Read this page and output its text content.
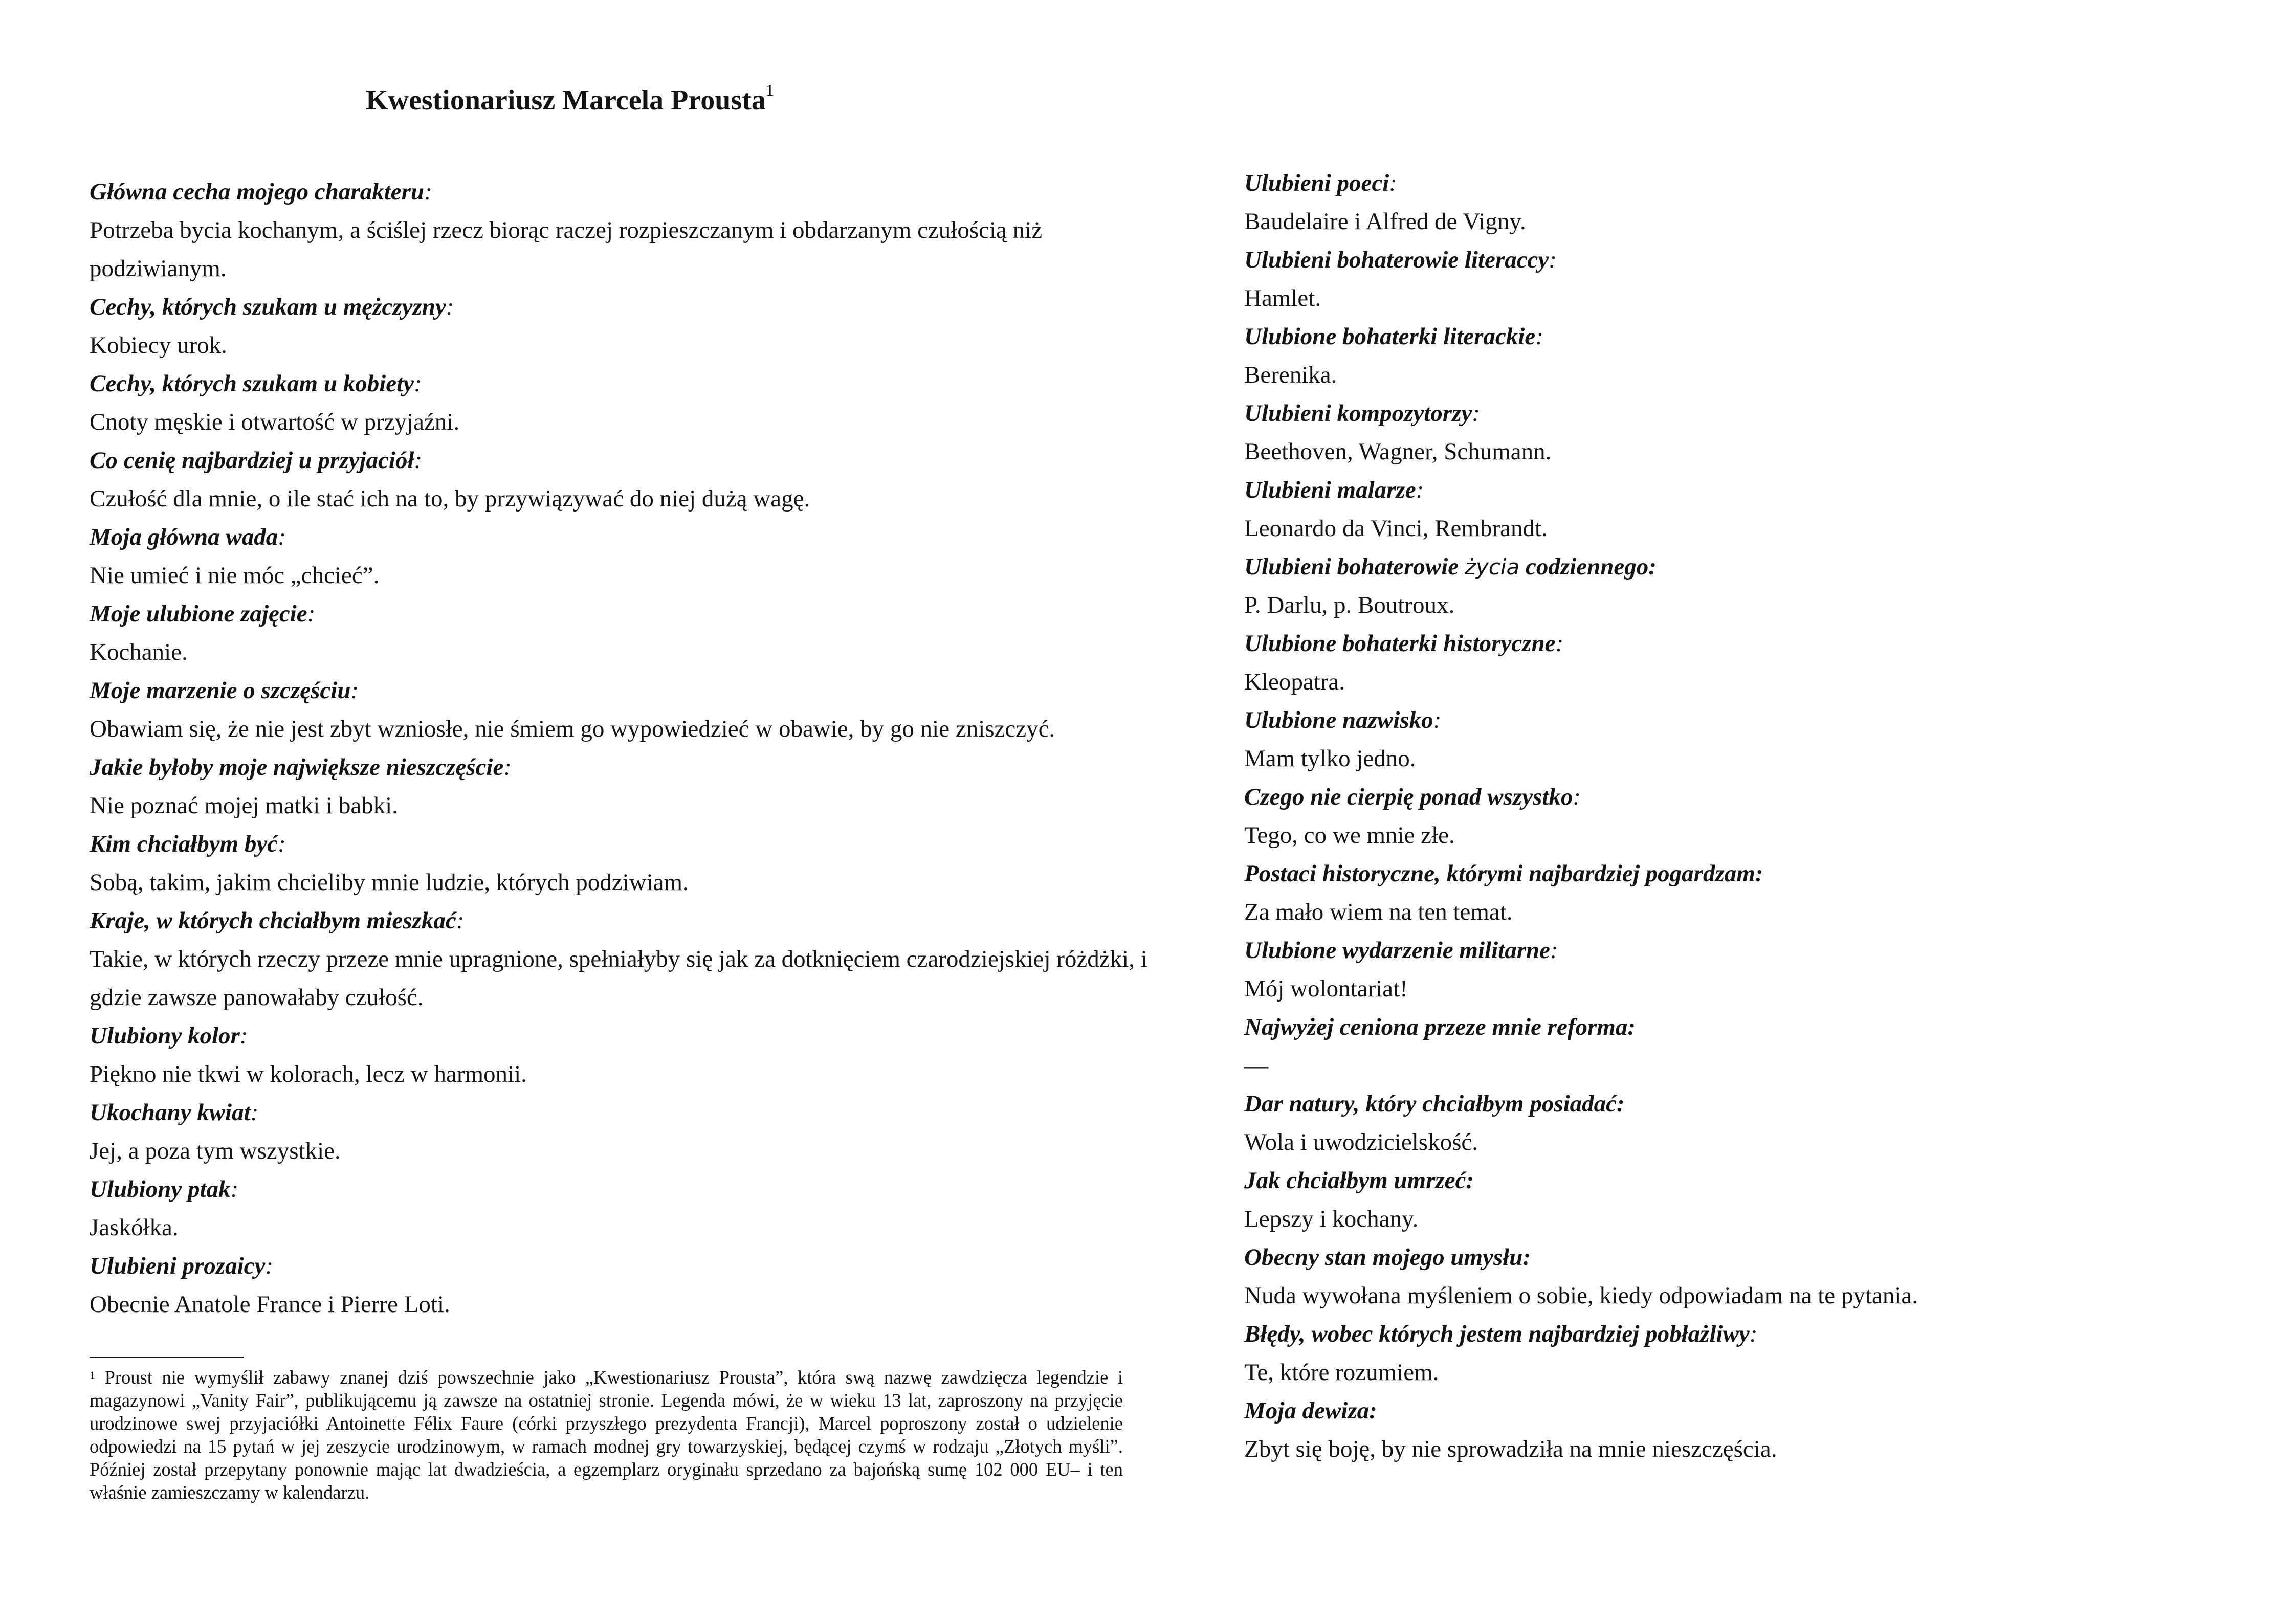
Kwestionariusz Marcela Prousta$^1$

Główna cecha mojego charakteru:

Potrzeba bycia kochanym, a ściślej rzecz biorąc raczej rozpieszczanym i obdarzanym czułością niż podziwianym.

Cechy, których szukam u mężczyzny:

Kobiecy urok.

Cechy, których szukam u kobiety:

Cnoty męskie i otwartość w przyjaźni.

Co cenię najbardziej u przyjaciół:

Czułość dla mnie, o ile stać ich na to, by przywiązywać do niej dużą wagę.

Moja główna wada:

Nie umieć i nie móc „chcieć”.

Moje ulubione zajęcie:

Kochanie.

Moje marzenie o szczęściu:

Obawiam się, że nie jest zbyt wzniosłe, nie śmiem go wypowiedzieć w obawie, by go nie zniszczyć.

Jakie byłoby moje największe nieszczęście:

Nie poznać mojej matki i babki.

Kim chciałbym być:

Sobą, takim, jakim chcieliby mnie ludzie, których podziwiam.

Kraje, w których chciałbym mieszkać:

Takie, w których rzeczy przeze mnie upragnione, spełniałyby się jak za dotknięciem czarodziejskiej różdżki, i gdzie zawsze panowałaby czułość.

Ulubiony kolor:

Piękno nie tkwi w kolorach, lecz w harmonii.

Ukochany kwiat:

Jej, a poza tym wszystkie.

Ulubiony ptak:

Jaskółka.

Ulubieni prozaicy:

Obecnie Anatole France i Pierre Loti.

Ulubieni poeci:

Baudelaire i Alfred de Vigny.

Ulubieni bohaterowie literaccy:

Hamlet.

Ulubione bohaterki literackie:

Berenika.

Ulubieni kompozytorzy:

Beethoven, Wagner, Schumann.

Ulubieni malarze:

Leonardo da Vinci, Rembrandt.

Ulubieni bohaterowie życia codziennego:

P. Darlu, p. Boutroux.

Ulubione bohaterki historyczne:

Kleopatra.

Ulubione nazwisko:

Mam tylko jedno.

Czego nie cierpię ponad wszystko:

Tego, co we mnie złe.

Postaci historyczne, którymi najbardziej pogardzam:

Za mało wiem na ten temat.

Ulubione wydarzenie militarne:

Mój wolontariat!

Najwyżej ceniona przeze mnie reforma:

—

Dar natury, który chciałbym posiadać:

Wola i uwodzicielskość.

Jak chciałbym umrzeć:

Lepszy i kochany.

Obecny stan mojego umysłu:

Nuda wywołana myśleniem o sobie, kiedy odpowiadam na te pytania.

Błędy, wobec których jestem najbardziej pobłażliwy:

Te, które rozumiem.

Moja dewiza:

Zbyt się boję, by nie sprowadziła na mnie nieszczęścia.

$^1$ Proust nie wymyślił zabawy znanej dziś powszechnie jako „Kwestionariusz Prousta”, która swą nazwę zawdzięcza legendzie i magazynowi „Vanity Fair”, publikującemu ją zawsze na ostatniej stronie. Legenda mówi, że w wieku 13 lat, zaproszony na przyjęcie urodzinowe swej przyjaciółki Antoinette Félix Faure (córki przyszłego prezydenta Francji), Marcel poproszony został o udzielenie odpowiedzi na 15 pytań w jej zeszycie urodzinowym, w ramach modnej gry towarzyskiej, będącej czymś w rodzaju „Złotych myśli”. Później został przepytany ponownie mając lat dwadzieścia, a egzemplarz oryginału sprzedano za bajońską sumę 102 000 EU– i ten właśnie zamieszczamy w kalendarzu.
